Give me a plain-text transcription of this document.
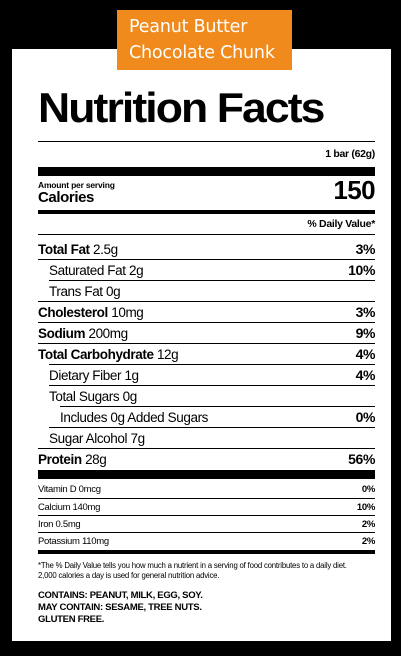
Nutrition Facts
1 bar (62g)
Amount per serving
Calories	150
% Daily Value*
Total Fat 2.5g	3%
Saturated Fat 2g	10%
Trans Fat 0g
Cholesterol 10mg	3%
Sodium 200mg	9%
Total Carbohydrate 12g	4%
Dietary Fiber 1g	4%
Total Sugars 0g
Includes 0g Added Sugars	0%
Sugar Alcohol 7g
Protein 28g	56%
Vitamin D 0mcg	0%
Calcium 140mg	10%
Iron 0.5mg	2%
Potassium 110mg	2%
*The % Daily Value tells you how much a nutrient in a serving of food contributes to a daily diet. 2,000 calories a day is used for general nutrition advice.
CONTAINS: PEANUT, MILK, EGG, SOY.
MAY CONTAIN: SESAME, TREE NUTS.
GLUTEN FREE.
Peanut Butter
Chocolate Chunk
